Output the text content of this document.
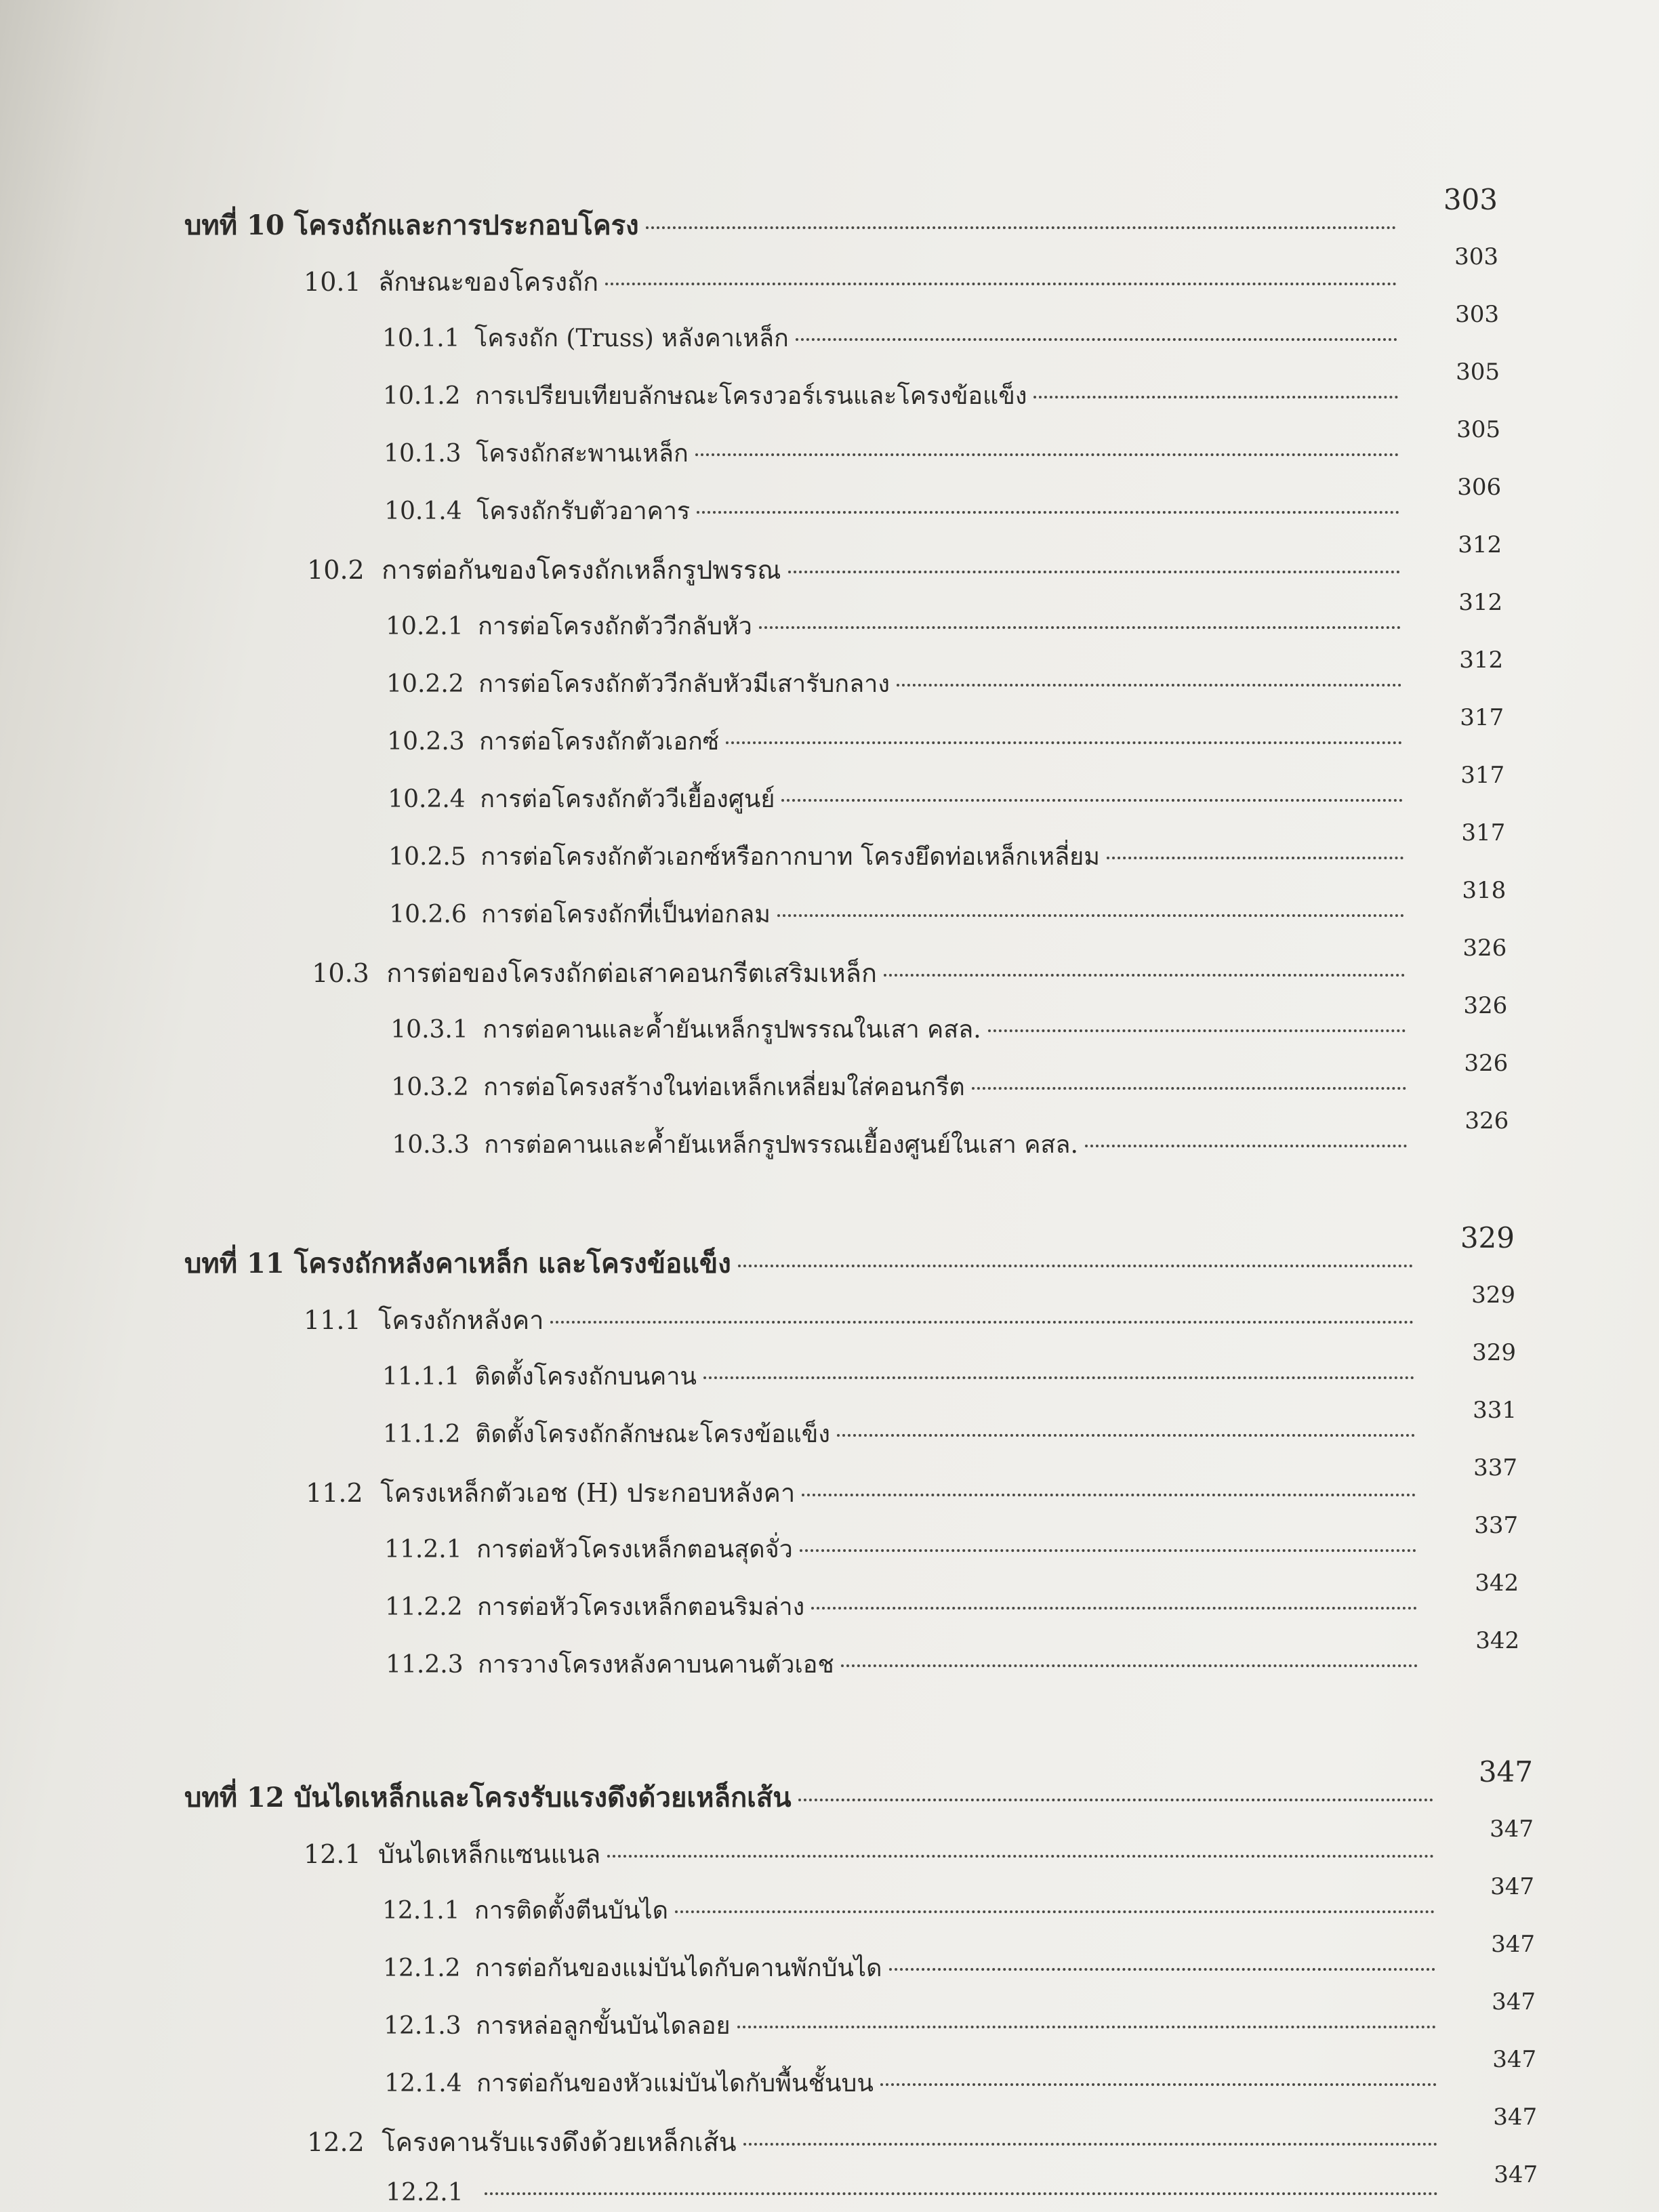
บทที่ 10 โครงถักและการประกอบโครง
303
10.1 ลักษณะของโครงถัก
303
10.1.1 โครงถัก (Truss) หลังคาเหล็ก
303
10.1.2 การเปรียบเทียบลักษณะโครงวอร์เรนและโครงข้อแข็ง
305
10.1.3 โครงถักสะพานเหล็ก
305
10.1.4 โครงถักรับตัวอาคาร
306
10.2 การต่อกันของโครงถักเหล็กรูปพรรณ
312
10.2.1 การต่อโครงถักตัววีกลับหัว
312
10.2.2 การต่อโครงถักตัววีกลับหัวมีเสารับกลาง
312
10.2.3 การต่อโครงถักตัวเอกซ์
317
10.2.4 การต่อโครงถักตัววีเยื้องศูนย์
317
10.2.5 การต่อโครงถักตัวเอกซ์หรือกากบาท โครงยึดท่อเหล็กเหลี่ยม
317
10.2.6 การต่อโครงถักที่เป็นท่อกลม
318
10.3 การต่อของโครงถักต่อเสาคอนกรีตเสริมเหล็ก
326
10.3.1 การต่อคานและค้ำยันเหล็กรูปพรรณในเสา คสล.
326
10.3.2 การต่อโครงสร้างในท่อเหล็กเหลี่ยมใส่คอนกรีต
326
10.3.3 การต่อคานและค้ำยันเหล็กรูปพรรณเยื้องศูนย์ในเสา คสล.
326
บทที่ 11 โครงถักหลังคาเหล็ก และโครงข้อแข็ง
329
11.1 โครงถักหลังคา
329
11.1.1 ติดตั้งโครงถักบนคาน
329
11.1.2 ติดตั้งโครงถักลักษณะโครงข้อแข็ง
331
11.2 โครงเหล็กตัวเอช (H) ประกอบหลังคา
337
11.2.1 การต่อหัวโครงเหล็กตอนสุดจั่ว
337
11.2.2 การต่อหัวโครงเหล็กตอนริมล่าง
342
11.2.3 การวางโครงหลังคาบนคานตัวเอช
342
บทที่ 12 บันไดเหล็กและโครงรับแรงดึงด้วยเหล็กเส้น
347
12.1 บันไดเหล็กแซนแนล
347
12.1.1 การติดตั้งตีนบันได
347
12.1.2 การต่อกันของแม่บันไดกับคานพักบันได
347
12.1.3 การหล่อลูกขั้นบันไดลอย
347
12.1.4 การต่อกันของหัวแม่บันไดกับพื้นชั้นบน
347
12.2 โครงคานรับแรงดึงด้วยเหล็กเส้น
347
12.2.1
347
